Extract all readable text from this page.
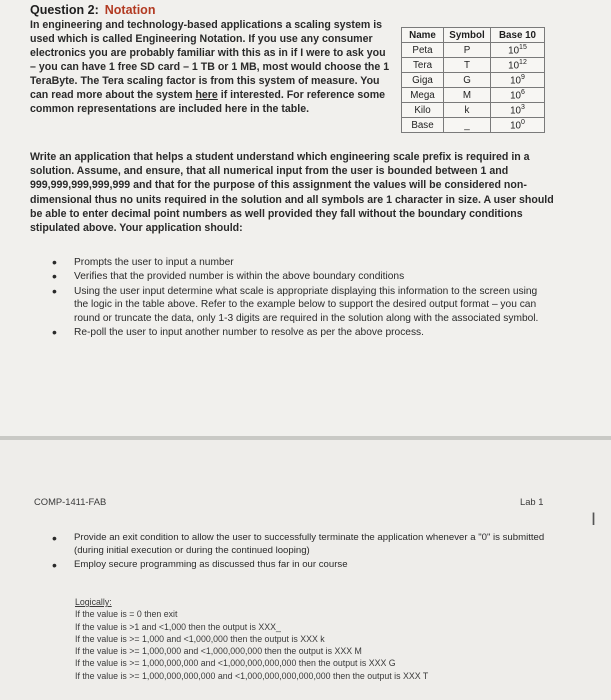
Question 2: Notation
In engineering and technology-based applications a scaling system is used which is called Engineering Notation. If you use any consumer electronics you are probably familiar with this as in if I were to ask you – you can have 1 free SD card – 1 TB or 1 MB, most would choose the 1 TeraByte. The Tera scaling factor is from this system of measure. You can read more about the system here if interested. For reference some common representations are included here in the table.
Name	Symbol	Base 10
Peta	P	$10^{15}$
Tera	T	$10^{12}$
Giga	G	$10^9$
Mega	M	$10^6$
Kilo	k	$10^3$
Base	_	$10^0$
Write an application that helps a student understand which engineering scale prefix is required in a solution. Assume, and ensure, that all numerical input from the user is bounded between 1 and 999,999,999,999,999 and that for the purpose of this assignment the values will be considered non-dimensional thus no units required in the solution and all symbols are 1 character in size. A user should be able to enter decimal point numbers as well provided they fall without the boundary conditions stipulated above. Your application should:
• Prompts the user to input a number
• Verifies that the provided number is within the above boundary conditions
• Using the user input determine what scale is appropriate displaying this information to the screen using the logic in the table above. Refer to the example below to support the desired output format – you can round or truncate the data, only 1-3 digits are required in the solution along with the associated symbol.
• Re-poll the user to input another number to resolve as per the above process.
COMP-1411-FAB	Lab 1
Ⅰ
• Provide an exit condition to allow the user to successfully terminate the application whenever a "0" is submitted (during initial execution or during the continued looping)
• Employ secure programming as discussed thus far in our course
Logically:
If the value is = 0 then exit
If the value is >1 and <1,000 then the output is XXX_
If the value is >= 1,000 and <1,000,000 then the output is XXX k
If the value is >= 1,000,000 and <1,000,000,000 then the output is XXX M
If the value is >= 1,000,000,000 and <1,000,000,000,000 then the output is XXX G
If the value is >= 1,000,000,000,000 and <1,000,000,000,000,000 then the output is XXX T
